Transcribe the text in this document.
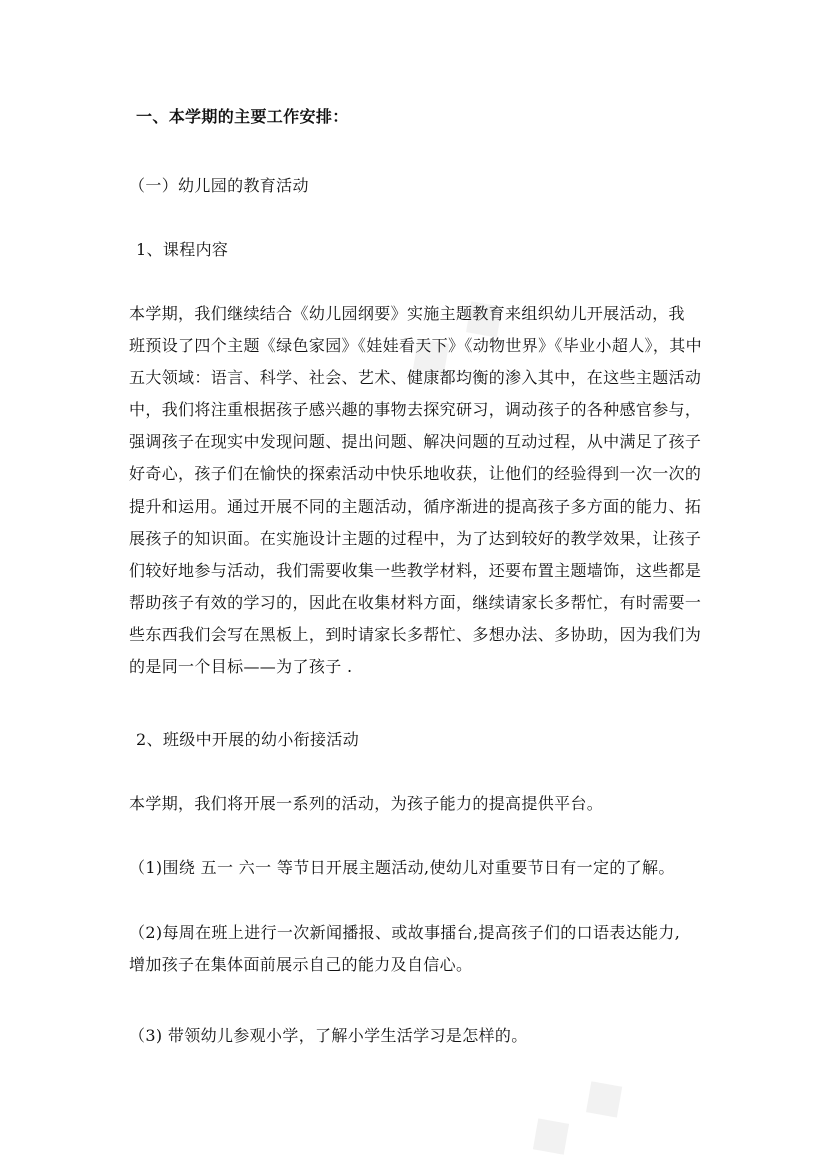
◆ ◆
◆ ◆
一、本学期的主要工作安排：
（一）幼儿园的教育活动
1、课程内容
本学期，我们继续结合《幼儿园纲要》实施主题教育来组织幼儿开展活动，我
班预设了四个主题《绿色家园》《娃娃看天下》《动物世界》《毕业小超人》，其中
五大领域：语言、科学、社会、艺术、健康都均衡的渗入其中，在这些主题活动
中，我们将注重根据孩子感兴趣的事物去探究研习，调动孩子的各种感官参与，
强调孩子在现实中发现问题、提出问题、解决问题的互动过程，从中满足了孩子
好奇心，孩子们在愉快的探索活动中快乐地收获，让他们的经验得到一次一次的
提升和运用。通过开展不同的主题活动，循序渐进的提高孩子多方面的能力、拓
展孩子的知识面。在实施设计主题的过程中，为了达到较好的教学效果，让孩子
们较好地参与活动，我们需要收集一些教学材料，还要布置主题墙饰，这些都是
帮助孩子有效的学习的，因此在收集材料方面，继续请家长多帮忙，有时需要一
些东西我们会写在黑板上，到时请家长多帮忙、多想办法、多协助，因为我们为
的是同一个目标——为了孩子 .
2、班级中开展的幼小衔接活动
本学期，我们将开展一系列的活动，为孩子能力的提高提供平台。
（1)围绕 五一 六一 等节日开展主题活动,使幼儿对重要节日有一定的了解。
（2)每周在班上进行一次新闻播报、或故事擂台,提高孩子们的口语表达能力,
增加孩子在集体面前展示自己的能力及自信心。
（3) 带领幼儿参观小学，了解小学生活学习是怎样的。
